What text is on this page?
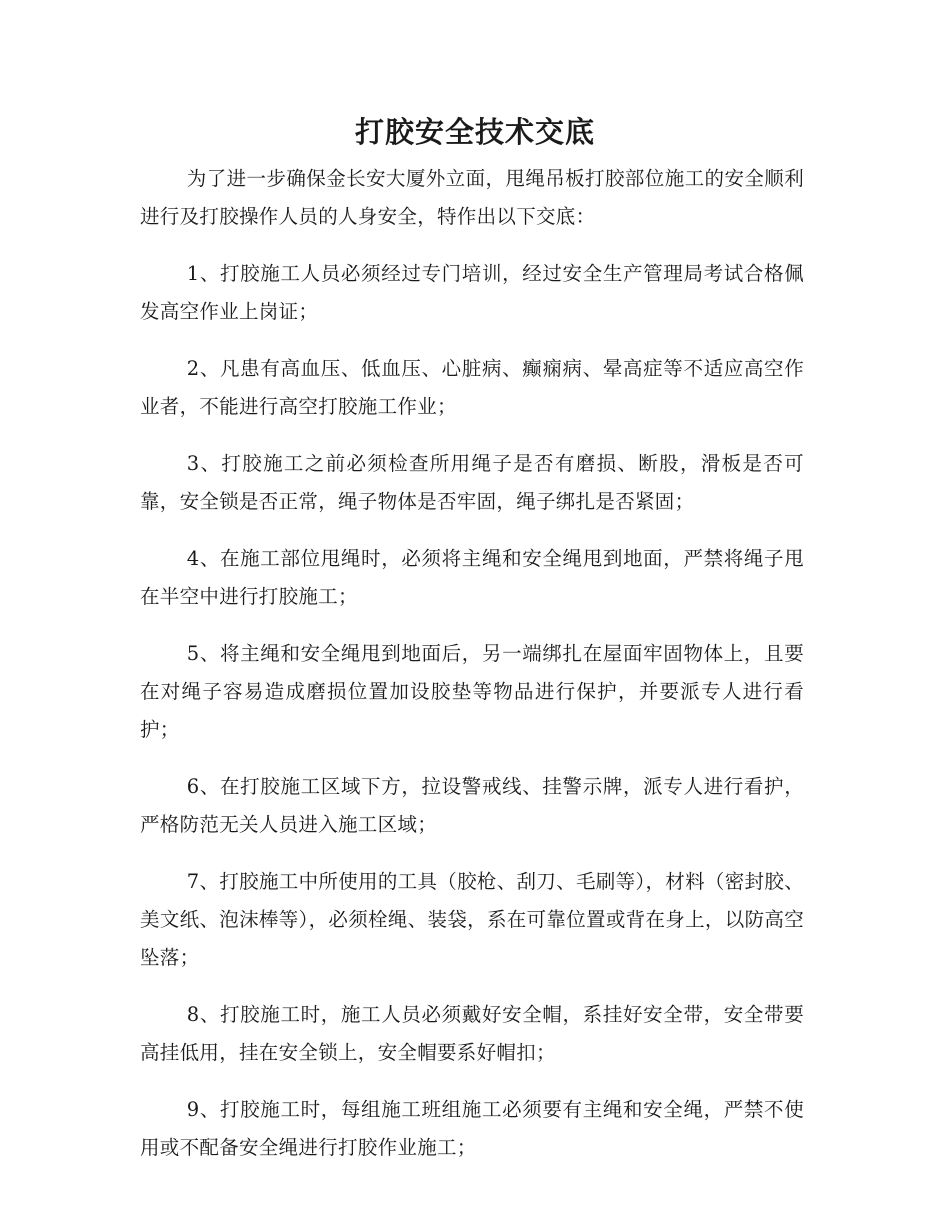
打胶安全技术交底

为了进一步确保金长安大厦外立面，甩绳吊板打胶部位施工的安全顺利进行及打胶操作人员的人身安全，特作出以下交底：

1、打胶施工人员必须经过专门培训，经过安全生产管理局考试合格佩发高空作业上岗证；

2、凡患有高血压、低血压、心脏病、癫痫病、晕高症等不适应高空作业者，不能进行高空打胶施工作业；

3、打胶施工之前必须检查所用绳子是否有磨损、断股，滑板是否可靠，安全锁是否正常，绳子物体是否牢固，绳子绑扎是否紧固；

4、在施工部位甩绳时，必须将主绳和安全绳甩到地面，严禁将绳子甩在半空中进行打胶施工；

5、将主绳和安全绳甩到地面后，另一端绑扎在屋面牢固物体上，且要在对绳子容易造成磨损位置加设胶垫等物品进行保护，并要派专人进行看护；

6、在打胶施工区域下方，拉设警戒线、挂警示牌，派专人进行看护，严格防范无关人员进入施工区域；

7、打胶施工中所使用的工具（胶枪、刮刀、毛刷等），材料（密封胶、美文纸、泡沫棒等），必须栓绳、装袋，系在可靠位置或背在身上，以防高空坠落；

8、打胶施工时，施工人员必须戴好安全帽，系挂好安全带，安全带要高挂低用，挂在安全锁上，安全帽要系好帽扣；

9、打胶施工时，每组施工班组施工必须要有主绳和安全绳，严禁不使用或不配备安全绳进行打胶作业施工；
